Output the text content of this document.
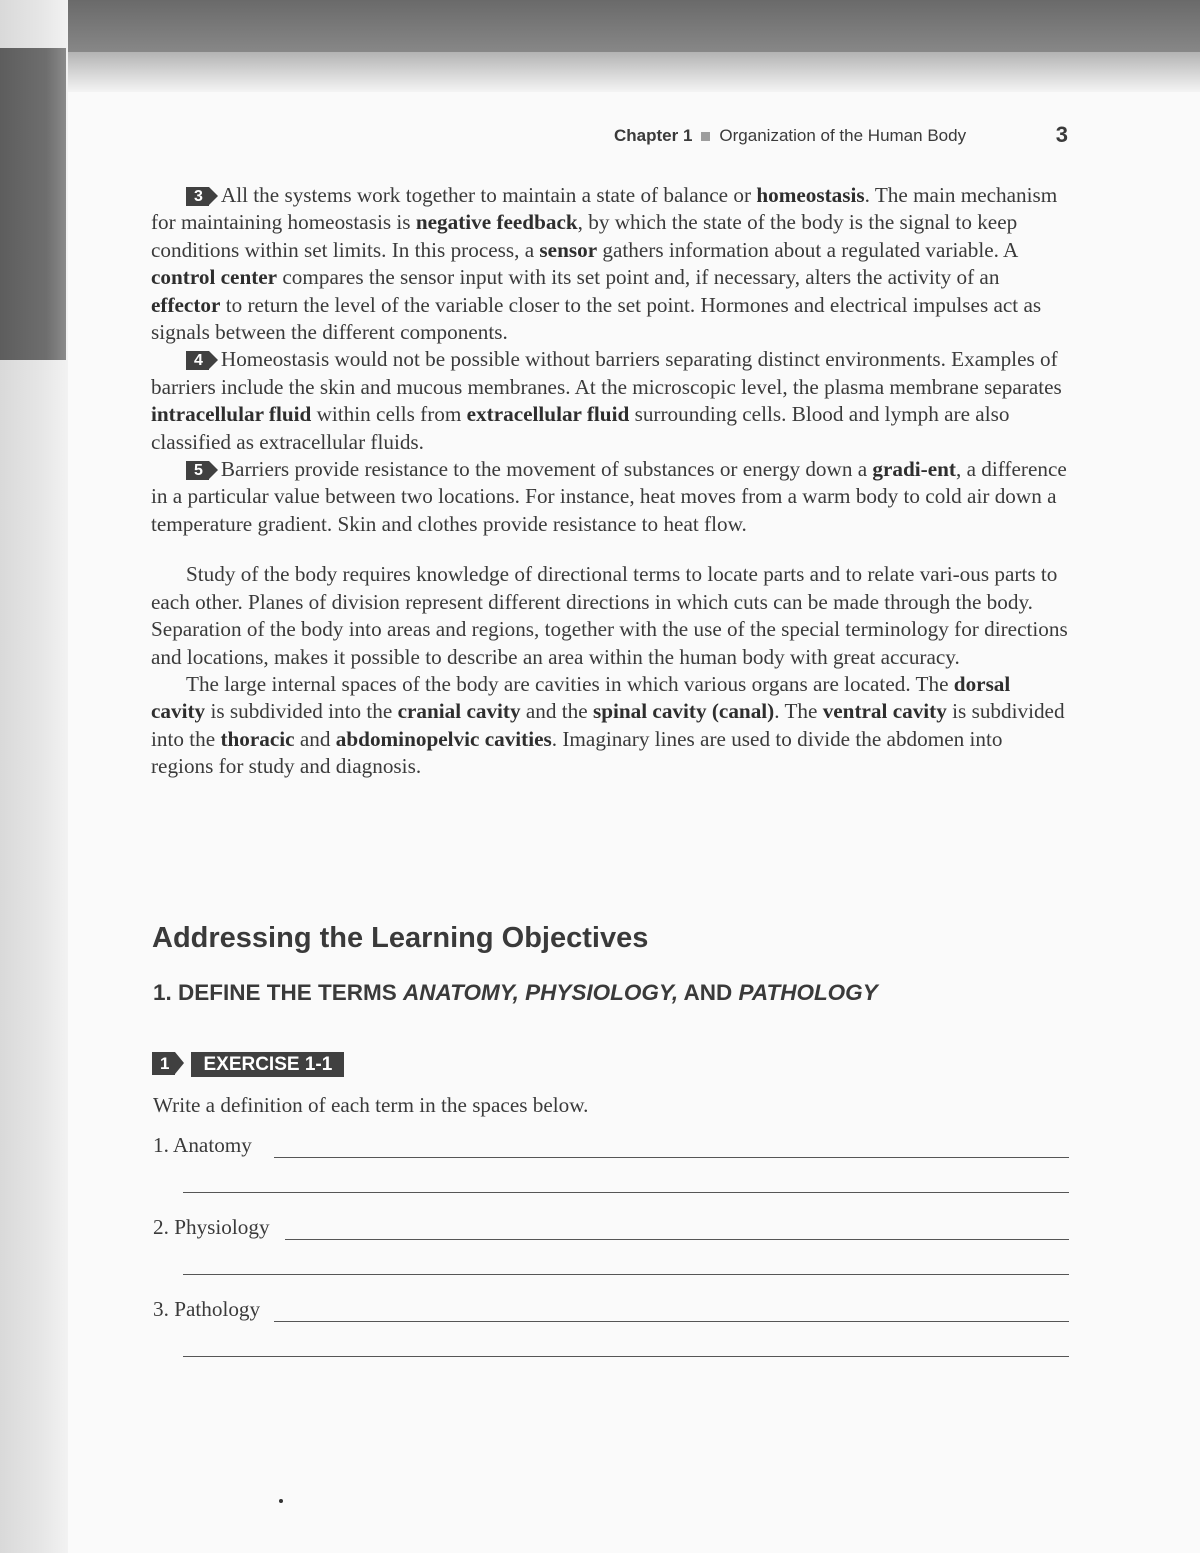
Chapter 1 Organization of the Human Body	3

3 All the systems work together to maintain a state of balance or homeostasis. The main mechanism for maintaining homeostasis is negative feedback, by which the state of the body is the signal to keep conditions within set limits. In this process, a sensor gathers information about a regulated variable. A control center compares the sensor input with its set point and, if necessary, alters the activity of an effector to return the level of the variable closer to the set point. Hormones and electrical impulses act as signals between the different components.

4 Homeostasis would not be possible without barriers separating distinct environments. Examples of barriers include the skin and mucous membranes. At the microscopic level, the plasma membrane separates intracellular fluid within cells from extracellular fluid surrounding cells. Blood and lymph are also classified as extracellular fluids.

5 Barriers provide resistance to the movement of substances or energy down a gradi-ent, a difference in a particular value between two locations. For instance, heat moves from a warm body to cold air down a temperature gradient. Skin and clothes provide resistance to heat flow.

Study of the body requires knowledge of directional terms to locate parts and to relate vari-ous parts to each other. Planes of division represent different directions in which cuts can be made through the body. Separation of the body into areas and regions, together with the use of the special terminology for directions and locations, makes it possible to describe an area within the human body with great accuracy.

The large internal spaces of the body are cavities in which various organs are located. The dorsal cavity is subdivided into the cranial cavity and the spinal cavity (canal). The ventral cavity is subdivided into the thoracic and abdominopelvic cavities. Imaginary lines are used to divide the abdomen into regions for study and diagnosis.

Addressing the Learning Objectives
1. DEFINE THE TERMS ANATOMY, PHYSIOLOGY, AND PATHOLOGY
1 EXERCISE 1-1
Write a definition of each term in the spaces below.
1. Anatomy
2. Physiology
3. Pathology
